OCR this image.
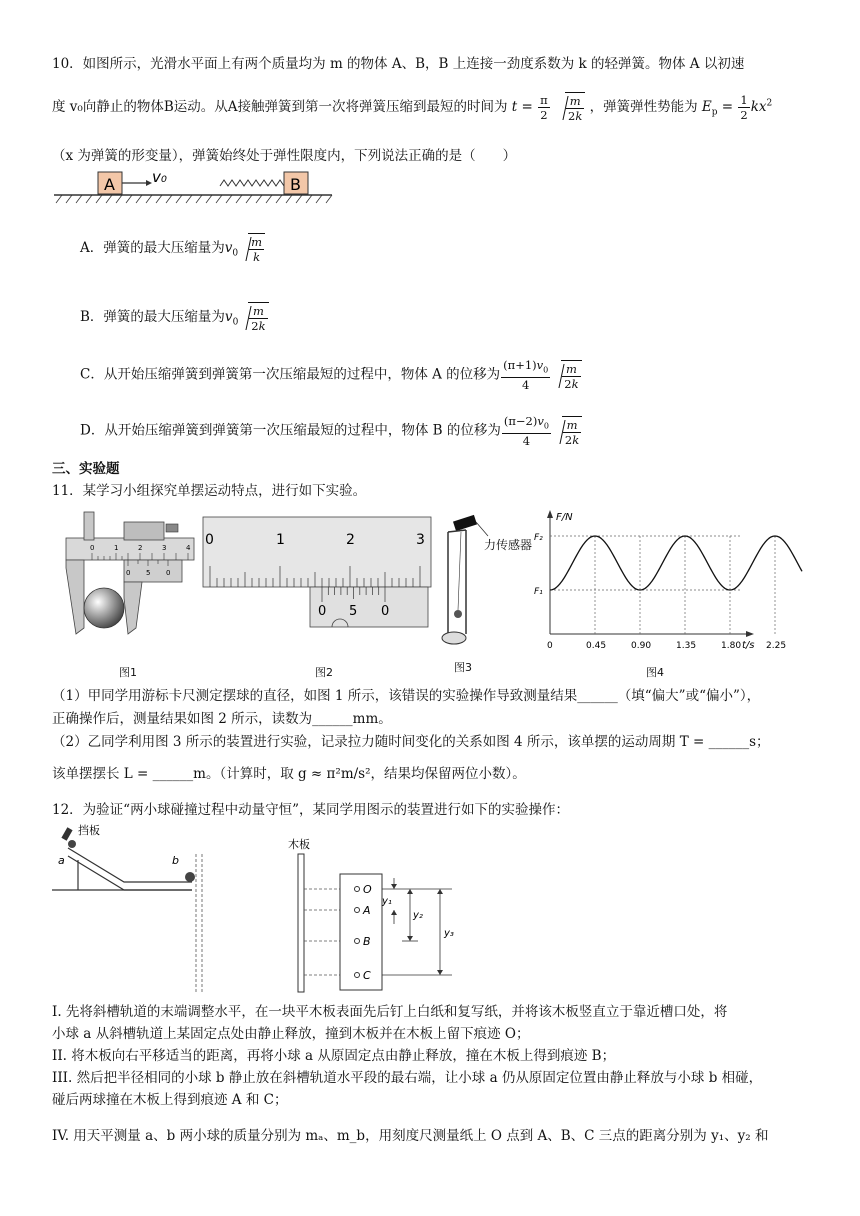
10．如图所示，光滑水平面上有两个质量均为 m 的物体 A、B，B 上连接一劲度系数为 k 的轻弹簧。物体 A 以初速
度 v₀向静止的物体B运动。从A接触弹簧到第一次将弹簧压缩到最短的时间为 $t = \frac{\pi}{2}$
$\frac{m}{2k}$ ，弹簧弹性势能为 $E_p = \frac{1}{2} kx^2$
（x 为弹簧的形变量），弹簧始终处于弹性限度内，下列说法正确的是（　　）
A v₀	B
A．弹簧的最大压缩量为$v_0 \frac{m}{k}$
B．弹簧的最大压缩量为$v_0 \frac{m}{2k}$
C．从开始压缩弹簧到弹簧第一次压缩最短的过程中，物体 A 的位移为 $\frac{(\pi+1)v_0}{4} \frac{m}{2k}$
D．从开始压缩弹簧到弹簧第一次压缩最短的过程中，物体 B 的位移为 $\frac{(\pi-2)v_0}{4} \frac{m}{2k}$
三、实验题
11．某学习小组探究单摆运动特点，进行如下实验。
0	1	2	3	4
0 5 0
图1
0	1	2	3
0 5 0
图2
力传感器
图3
F/N
t/s
F₂
F₁
0	0.45	0.90	1.35	1.80	2.25
图4
（1）甲同学用游标卡尺测定摆球的直径，如图 1 所示，该错误的实验操作导致测量结果______（填“偏大”或“偏小”），
正确操作后，测量结果如图 2 所示，读数为______mm。
（2）乙同学利用图 3 所示的装置进行实验，记录拉力随时间变化的关系如图 4 所示，该单摆的运动周期 T = ______s；
该单摆摆长 L = ______m。（计算时，取 g ≈ π²m/s²，结果均保留两位小数）。
12．为验证“两小球碰撞过程中动量守恒”，某同学用图示的装置进行如下的实验操作：
挡板
a	b
木板
O
A
B
C
y₁
y₂
y₃
I. 先将斜槽轨道的末端调整水平，在一块平木板表面先后钉上白纸和复写纸，并将该木板竖直立于靠近槽口处，将
小球 a 从斜槽轨道上某固定点处由静止释放，撞到木板并在木板上留下痕迹 O；
II. 将木板向右平移适当的距离，再将小球 a 从原固定点由静止释放，撞在木板上得到痕迹 B；
III. 然后把半径相同的小球 b 静止放在斜槽轨道水平段的最右端，让小球 a 仍从原固定位置由静止释放与小球 b 相碰，
碰后两球撞在木板上得到痕迹 A 和 C；
IV. 用天平测量 a、b 两小球的质量分别为 mₐ、m_b，用刻度尺测量纸上 O 点到 A、B、C 三点的距离分别为 y₁、y₂ 和
